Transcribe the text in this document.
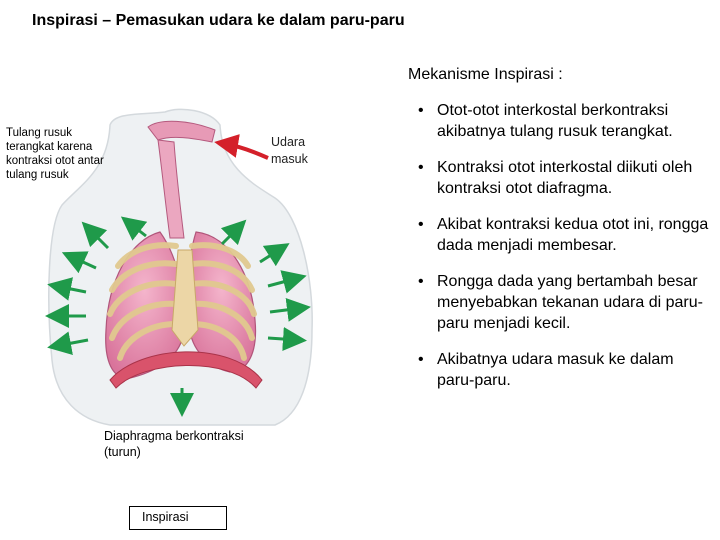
Inspirasi – Pemasukan udara ke dalam paru-paru
Tulang rusuk terangkat karena kontraksi otot antar tulang rusuk
Udara masuk
Diaphragma berkontraksi (turun)
Inspirasi
Mekanisme Inspirasi :
• Otot-otot interkostal berkontraksi akibatnya tulang rusuk terangkat.
• Kontraksi otot interkostal diikuti oleh kontraksi otot diafragma.
• Akibat kontraksi kedua otot ini, rongga dada menjadi membesar.
• Rongga dada yang bertambah besar menyebabkan tekanan udara di paru-paru menjadi kecil.
• Akibatnya udara masuk ke dalam paru-paru.
